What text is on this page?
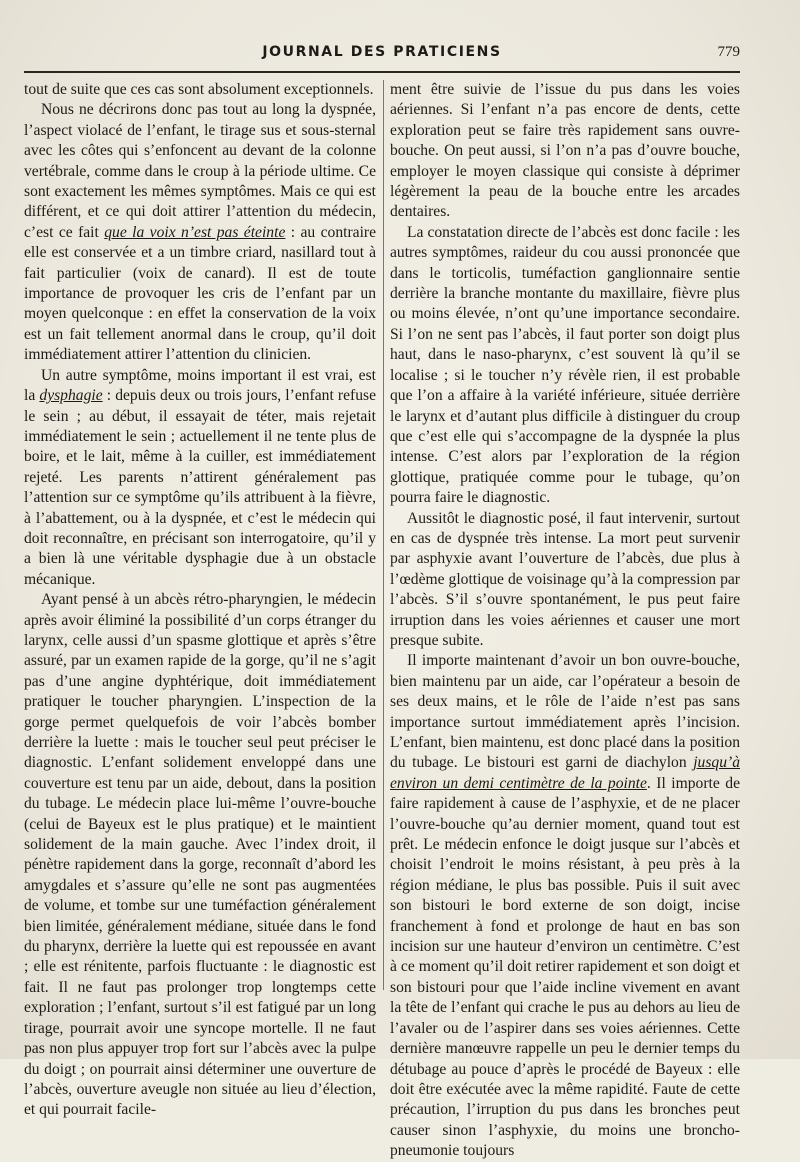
JOURNAL DES PRATICIENS	779

tout de suite que ces cas sont absolument exceptionnels.

Nous ne décrirons donc pas tout au long la dyspnée, l’aspect violacé de l’enfant, le tirage sus et sous-sternal avec les côtes qui s’enfoncent au devant de la colonne vertébrale, comme dans le croup à la période ultime. Ce sont exactement les mêmes symptômes. Mais ce qui est différent, et ce qui doit attirer l’attention du médecin, c’est ce fait que la voix n’est pas éteinte : au contraire elle est conservée et a un timbre criard, nasillard tout à fait particulier (voix de canard). Il est de toute importance de provoquer les cris de l’enfant par un moyen quelconque : en effet la conservation de la voix est un fait tellement anormal dans le croup, qu’il doit immédiatement attirer l’attention du clinicien.

Un autre symptôme, moins important il est vrai, est la dysphagie : depuis deux ou trois jours, l’enfant refuse le sein ; au début, il essayait de téter, mais rejetait immédiatement le sein ; actuellement il ne tente plus de boire, et le lait, même à la cuiller, est immédiatement rejeté. Les parents n’attirent généralement pas l’attention sur ce symptôme qu’ils attribuent à la fièvre, à l’abattement, ou à la dyspnée, et c’est le médecin qui doit reconnaître, en précisant son interrogatoire, qu’il y a bien là une véritable dysphagie due à un obstacle mécanique.

Ayant pensé à un abcès rétro-pharyngien, le médecin après avoir éliminé la possibilité d’un corps étranger du larynx, celle aussi d’un spasme glottique et après s’être assuré, par un examen rapide de la gorge, qu’il ne s’agit pas d’une angine dyphtérique, doit immédiatement pratiquer le toucher pharyngien. L’inspection de la gorge permet quelquefois de voir l’abcès bomber derrière la luette : mais le toucher seul peut préciser le diagnostic. L’enfant solidement enveloppé dans une couverture est tenu par un aide, debout, dans la position du tubage. Le médecin place lui-même l’ouvre-bouche (celui de Bayeux est le plus pratique) et le maintient solidement de la main gauche. Avec l’index droit, il pénètre rapidement dans la gorge, reconnaît d’abord les amygdales et s’assure qu’elle ne sont pas augmentées de volume, et tombe sur une tuméfaction généralement bien limitée, généralement médiane, située dans le fond du pharynx, derrière la luette qui est repoussée en avant ; elle est rénitente, parfois fluctuante : le diagnostic est fait. Il ne faut pas prolonger trop longtemps cette exploration ; l’enfant, surtout s’il est fatigué par un long tirage, pourrait avoir une syncope mortelle. Il ne faut pas non plus appuyer trop fort sur l’abcès avec la pulpe du doigt ; on pourrait ainsi déterminer une ouverture de l’abcès, ouverture aveugle non située au lieu d’élection, et qui pourrait facile-

ment être suivie de l’issue du pus dans les voies aériennes. Si l’enfant n’a pas encore de dents, cette exploration peut se faire très rapidement sans ouvre-bouche. On peut aussi, si l’on n’a pas d’ouvre bouche, employer le moyen classique qui consiste à déprimer légèrement la peau de la bouche entre les arcades dentaires.

La constatation directe de l’abcès est donc facile : les autres symptômes, raideur du cou aussi prononcée que dans le torticolis, tuméfaction ganglionnaire sentie derrière la branche montante du maxillaire, fièvre plus ou moins élevée, n’ont qu’une importance secondaire. Si l’on ne sent pas l’abcès, il faut porter son doigt plus haut, dans le naso-pharynx, c’est souvent là qu’il se localise ; si le toucher n’y révèle rien, il est probable que l’on a affaire à la variété inférieure, située derrière le larynx et d’autant plus difficile à distinguer du croup que c’est elle qui s’accompagne de la dyspnée la plus intense. C’est alors par l’exploration de la région glottique, pratiquée comme pour le tubage, qu’on pourra faire le diagnostic.

Aussitôt le diagnostic posé, il faut intervenir, surtout en cas de dyspnée très intense. La mort peut survenir par asphyxie avant l’ouverture de l’abcès, due plus à l’œdème glottique de voisinage qu’à la compression par l’abcès. S’il s’ouvre spontanément, le pus peut faire irruption dans les voies aériennes et causer une mort presque subite.

Il importe maintenant d’avoir un bon ouvre-bouche, bien maintenu par un aide, car l’opérateur a besoin de ses deux mains, et le rôle de l’aide n’est pas sans importance surtout immédiatement après l’incision. L’enfant, bien maintenu, est donc placé dans la position du tubage. Le bistouri est garni de diachylon jusqu’à environ un demi centimètre de la pointe. Il importe de faire rapidement à cause de l’asphyxie, et de ne placer l’ouvre-bouche qu’au dernier moment, quand tout est prêt. Le médecin enfonce le doigt jusque sur l’abcès et choisit l’endroit le moins résistant, à peu près à la région médiane, le plus bas possible. Puis il suit avec son bistouri le bord externe de son doigt, incise franchement à fond et prolonge de haut en bas son incision sur une hauteur d’environ un centimètre. C’est à ce moment qu’il doit retirer rapidement et son doigt et son bistouri pour que l’aide incline vivement en avant la tête de l’enfant qui crache le pus au dehors au lieu de l’avaler ou de l’aspirer dans ses voies aériennes. Cette dernière manœuvre rappelle un peu le dernier temps du détubage au pouce d’après le procédé de Bayeux : elle doit être exécutée avec la même rapidité. Faute de cette précaution, l’irruption du pus dans les bronches peut causer sinon l’asphyxie, du moins une broncho-pneumonie toujours
